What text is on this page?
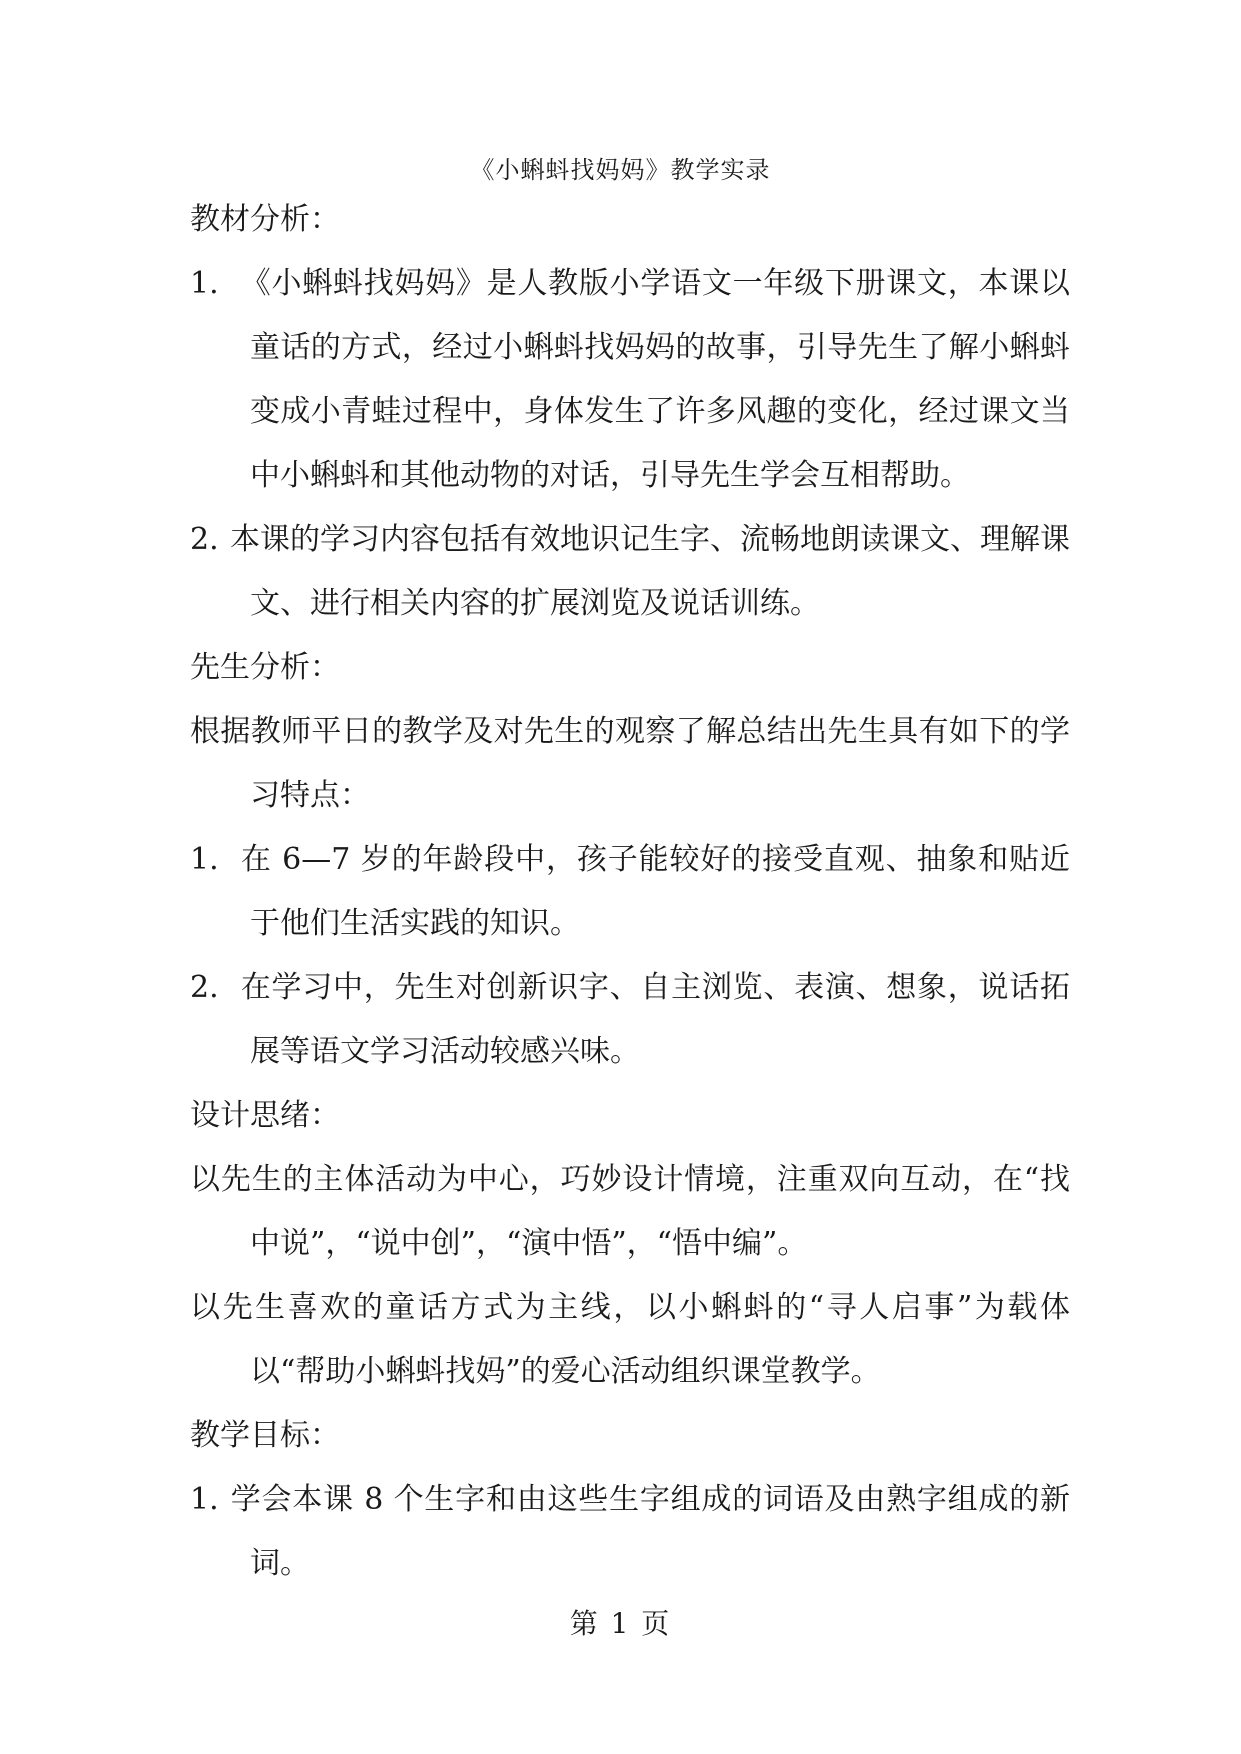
《小蝌蚪找妈妈》教学实录

教材分析：

1. 《小蝌蚪找妈妈》是人教版小学语文一年级下册课文，本课以童话的方式，经过小蝌蚪找妈妈的故事，引导先生了解小蝌蚪变成小青蛙过程中，身体发生了许多风趣的变化，经过课文当中小蝌蚪和其他动物的对话，引导先生学会互相帮助。

2. 本课的学习内容包括有效地识记生字、流畅地朗读课文、理解课文、进行相关内容的扩展浏览及说话训练。

先生分析：

根据教师平日的教学及对先生的观察了解总结出先生具有如下的学习特点：

1. 在 6—7 岁的年龄段中，孩子能较好的接受直观、抽象和贴近于他们生活实践的知识。

2. 在学习中，先生对创新识字、自主浏览、表演、想象，说话拓展等语文学习活动较感兴味。

设计思绪：

以先生的主体活动为中心，巧妙设计情境，注重双向互动，在“找中说”，“说中创”，“演中悟”，“悟中编”。

以先生喜欢的童话方式为主线，以小蝌蚪的“寻人启事”为载体以“帮助小蝌蚪找妈”的爱心活动组织课堂教学。

教学目标：

1. 学会本课 8 个生字和由这些生字组成的词语及由熟字组成的新词。

第 1 页
